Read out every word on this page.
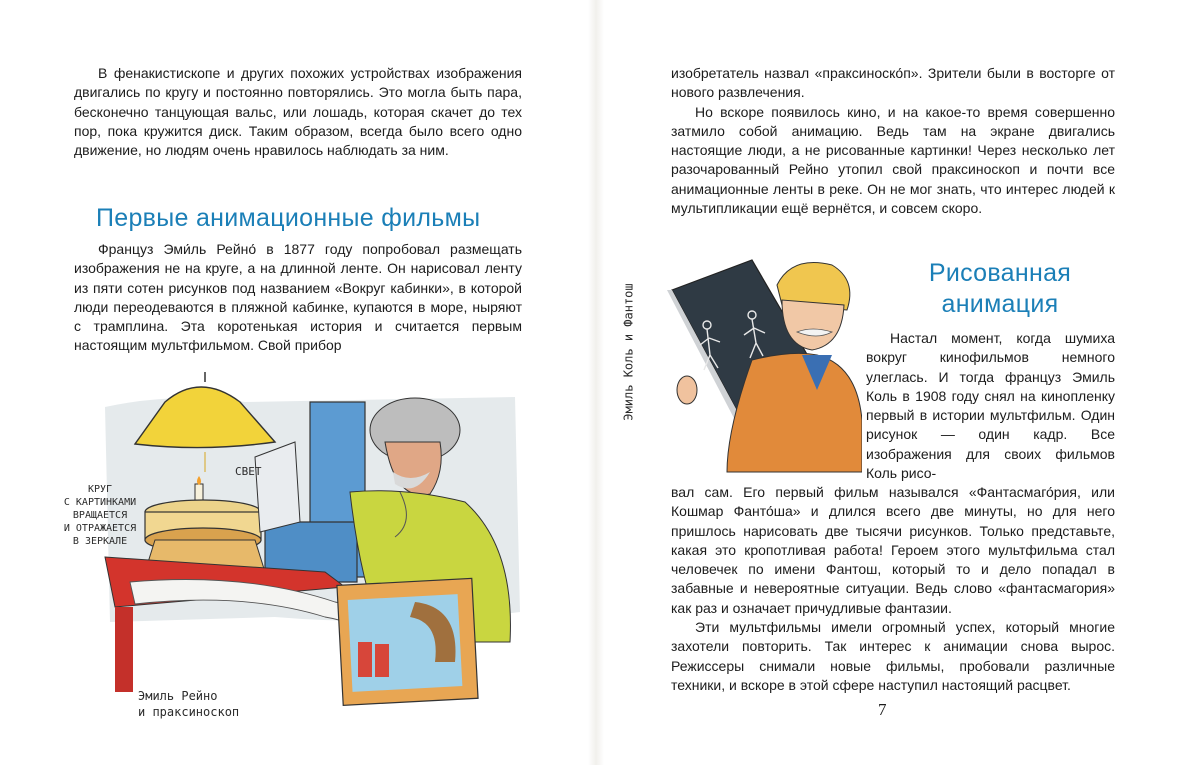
В фенакистископе и других похожих устройствах изображения двигались по кругу и постоянно повторялись. Это могла быть пара, бесконечно танцующая вальс, или лошадь, которая скачет до тех пор, пока кружится диск. Таким образом, всегда было всего одно движение, но людям очень нравилось наблюдать за ним.

Первые анимационные фильмы

Француз Эми́ль Рейно́ в 1877 году попробовал размещать изображения не на круге, а на длинной ленте. Он нарисовал ленту из пяти сотен рисунков под названием «Вокруг кабинки», в которой люди переодеваются в пляжной кабинке, купаются в море, ныряют с трамплина. Эта коротенькая история и считается первым настоящим мультфильмом. Свой прибор

СВЕТ
КРУГ
С КАРТИНКАМИ
ВРАЩАЕТСЯ
И ОТРАЖАЕТСЯ
В ЗЕРКАЛЕ
Эмиль Рейно
и праксиноскоп

изобретатель назвал «праксиноско́п». Зрители были в восторге от нового развлечения.

Но вскоре появилось кино, и на какое-то время совершенно затмило собой анимацию. Ведь там на экране двигались настоящие люди, а не рисованные картинки! Через несколько лет разочарованный Рейно утопил свой праксиноскоп и почти все анимационные ленты в реке. Он не мог знать, что интерес людей к мультипликации ещё вернётся, и совсем скоро.

Эмиль Коль и Фантош
Рисованная
анимация

Настал момент, когда шумиха вокруг кинофильмов немного улеглась. И тогда француз Эмиль Коль в 1908 году снял на кинопленку первый в истории мультфильм. Один рисунок — один кадр. Все изображения для своих фильмов Коль рисо-

вал сам. Его первый фильм назывался «Фантасмаго́рия, или Кошмар Фанто́ша» и длился всего две минуты, но для него пришлось нарисовать две тысячи рисунков. Только представьте, какая это кропотливая работа! Героем этого мультфильма стал человечек по имени Фантош, который то и дело попадал в забавные и невероятные ситуации. Ведь слово «фантасмагория» как раз и означает причудливые фантазии.

Эти мультфильмы имели огромный успех, который многие захотели повторить. Так интерес к анимации снова вырос. Режиссеры снимали новые фильмы, пробовали различные техники, и вскоре в этой сфере наступил настоящий расцвет.

7
